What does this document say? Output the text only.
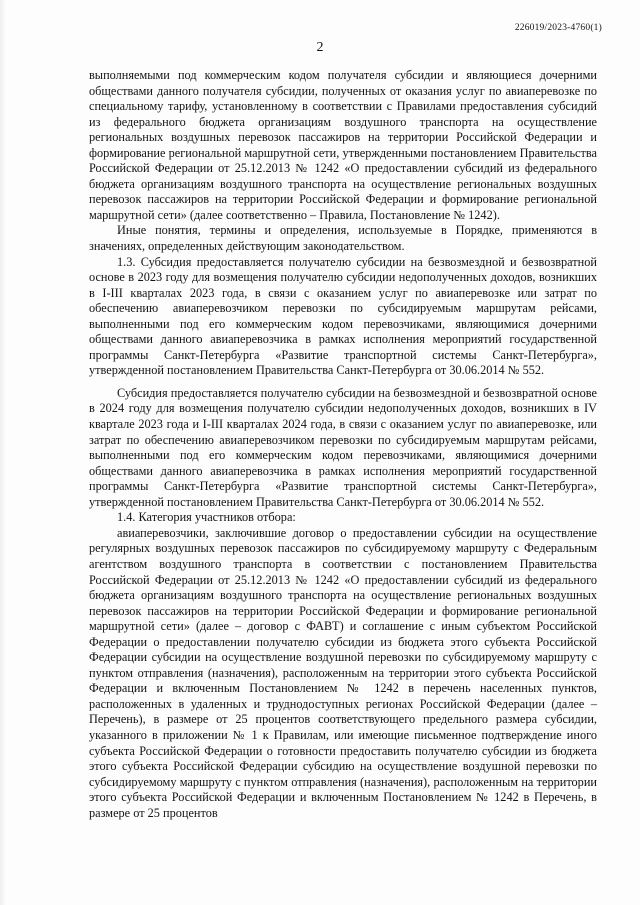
226019/2023-4760(1)
2

выполняемыми под коммерческим кодом получателя субсидии и являющиеся дочерними обществами данного получателя субсидии, полученных от оказания услуг по авиаперевозке по специальному тарифу, установленному в соответствии с Правилами предоставления субсидий из федерального бюджета организациям воздушного транспорта на осуществление региональных воздушных перевозок пассажиров на территории Российской Федерации и формирование региональной маршрутной сети, утвержденными постановлением Правительства Российской Федерации от 25.12.2013 № 1242 «О предоставлении субсидий из федерального бюджета организациям воздушного транспорта на осуществление региональных воздушных перевозок пассажиров на территории Российской Федерации и формирование региональной маршрутной сети» (далее соответственно – Правила, Постановление № 1242).

Иные понятия, термины и определения, используемые в Порядке, применяются в значениях, определенных действующим законодательством.

1.3. Субсидия предоставляется получателю субсидии на безвозмездной и безвозвратной основе в 2023 году для возмещения получателю субсидии недополученных доходов, возникших в I-III кварталах 2023 года, в связи с оказанием услуг по авиаперевозке или затрат по обеспечению авиаперевозчиком перевозки по субсидируемым маршрутам рейсами, выполненными под его коммерческим кодом перевозчиками, являющимися дочерними обществами данного авиаперевозчика в рамках исполнения мероприятий государственной программы Санкт-Петербурга «Развитие транспортной системы Санкт-Петербурга», утвержденной постановлением Правительства Санкт-Петербурга от 30.06.2014 № 552.

Субсидия предоставляется получателю субсидии на безвозмездной и безвозвратной основе в 2024 году для возмещения получателю субсидии недополученных доходов, возникших в IV квартале 2023 года и I-III кварталах 2024 года, в связи с оказанием услуг по авиаперевозке, или затрат по обеспечению авиаперевозчиком перевозки по субсидируемым маршрутам рейсами, выполненными под его коммерческим кодом перевозчиками, являющимися дочерними обществами данного авиаперевозчика в рамках исполнения мероприятий государственной программы Санкт-Петербурга «Развитие транспортной системы Санкт-Петербурга», утвержденной постановлением Правительства Санкт-Петербурга от 30.06.2014 № 552.

1.4. Категория участников отбора:

авиаперевозчики, заключившие договор о предоставлении субсидии на осуществление регулярных воздушных перевозок пассажиров по субсидируемому маршруту с Федеральным агентством воздушного транспорта в соответствии с постановлением Правительства Российской Федерации от 25.12.2013 № 1242 «О предоставлении субсидий из федерального бюджета организациям воздушного транспорта на осуществление региональных воздушных перевозок пассажиров на территории Российской Федерации и формирование региональной маршрутной сети» (далее – договор с ФАВТ) и соглашение с иным субъектом Российской Федерации о предоставлении получателю субсидии из бюджета этого субъекта Российской Федерации субсидии на осуществление воздушной перевозки по субсидируемому маршруту с пунктом отправления (назначения), расположенным на территории этого субъекта Российской Федерации и включенным Постановлением № 1242 в перечень населенных пунктов, расположенных в удаленных и труднодоступных регионах Российской Федерации (далее – Перечень), в размере от 25 процентов соответствующего предельного размера субсидии, указанного в приложении № 1 к Правилам, или имеющие письменное подтверждение иного субъекта Российской Федерации о готовности предоставить получателю субсидии из бюджета этого субъекта Российской Федерации субсидию на осуществление воздушной перевозки по субсидируемому маршруту с пунктом отправления (назначения), расположенным на территории этого субъекта Российской Федерации и включенным Постановлением № 1242 в Перечень, в размере от 25 процентов
